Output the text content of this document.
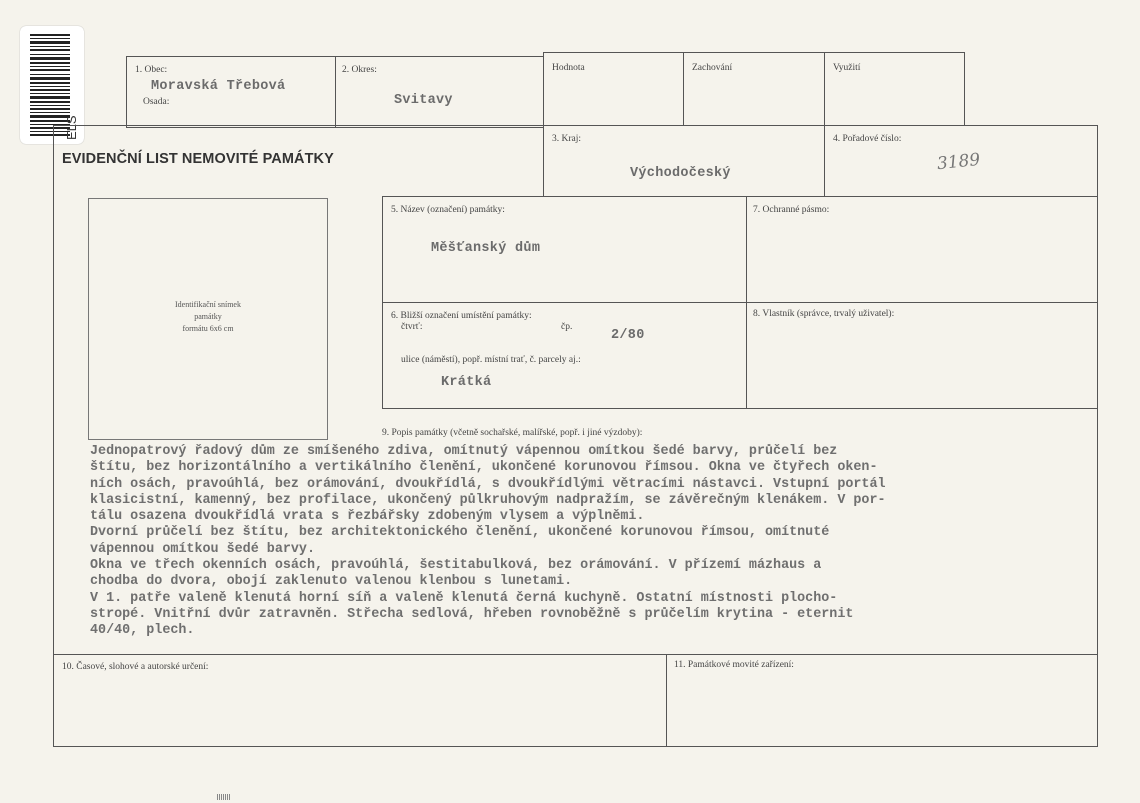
ELS
1. Obec:
Moravská Třebová
Osada:
2. Okres:
Svitavy
Hodnota	Zachování	Využití
EVIDENČNÍ LIST NEMOVITÉ PAMÁTKY
3. Kraj:
Východočeský
4. Pořadové číslo:
3189
Identifikační snímek
památky
formátu 6x6 cm
5. Název (označení) památky:
Měšťanský dům
7. Ochranné pásmo:
6. Bližší označení umístění památky:
čtvrť:	čp.
2/80
ulice (náměstí), popř. místní trať, č. parcely aj.:
Krátká
8. Vlastník (správce, trvalý uživatel):
9. Popis památky (včetně sochařské, malířské, popř. i jiné výzdoby):
Jednopatrový řadový dům ze smíšeného zdiva, omítnutý vápennou omítkou šedé barvy, průčelí bez
štítu, bez horizontálního a vertikálního členění, ukončené korunovou římsou. Okna ve čtyřech oken-
ních osách, pravoúhlá, bez orámování, dvoukřídlá, s dvoukřídlými větracími nástavci. Vstupní portál
klasicistní, kamenný, bez profilace, ukončený půlkruhovým nadpražím, se závěrečným klenákem. V por-
tálu osazena dvoukřídlá vrata s řezbářsky zdobeným vlysem a výplněmi.
Dvorní průčelí bez štítu, bez architektonického členění, ukončené korunovou římsou, omítnuté
vápennou omítkou šedé barvy.
Okna ve třech okenních osách, pravoúhlá, šestitabulková, bez orámování. V přízemí mázhaus a
chodba do dvora, obojí zaklenuto valenou klenbou s lunetami.
V 1. patře valeně klenutá horní síň a valeně klenutá černá kuchyně. Ostatní místnosti plocho-
stropé. Vnitřní dvůr zatravněn. Střecha sedlová, hřeben rovnoběžně s průčelím krytina - eternit
40/40, plech.
10. Časové, slohové a autorské určení:	11. Památkové movité zařízení:
